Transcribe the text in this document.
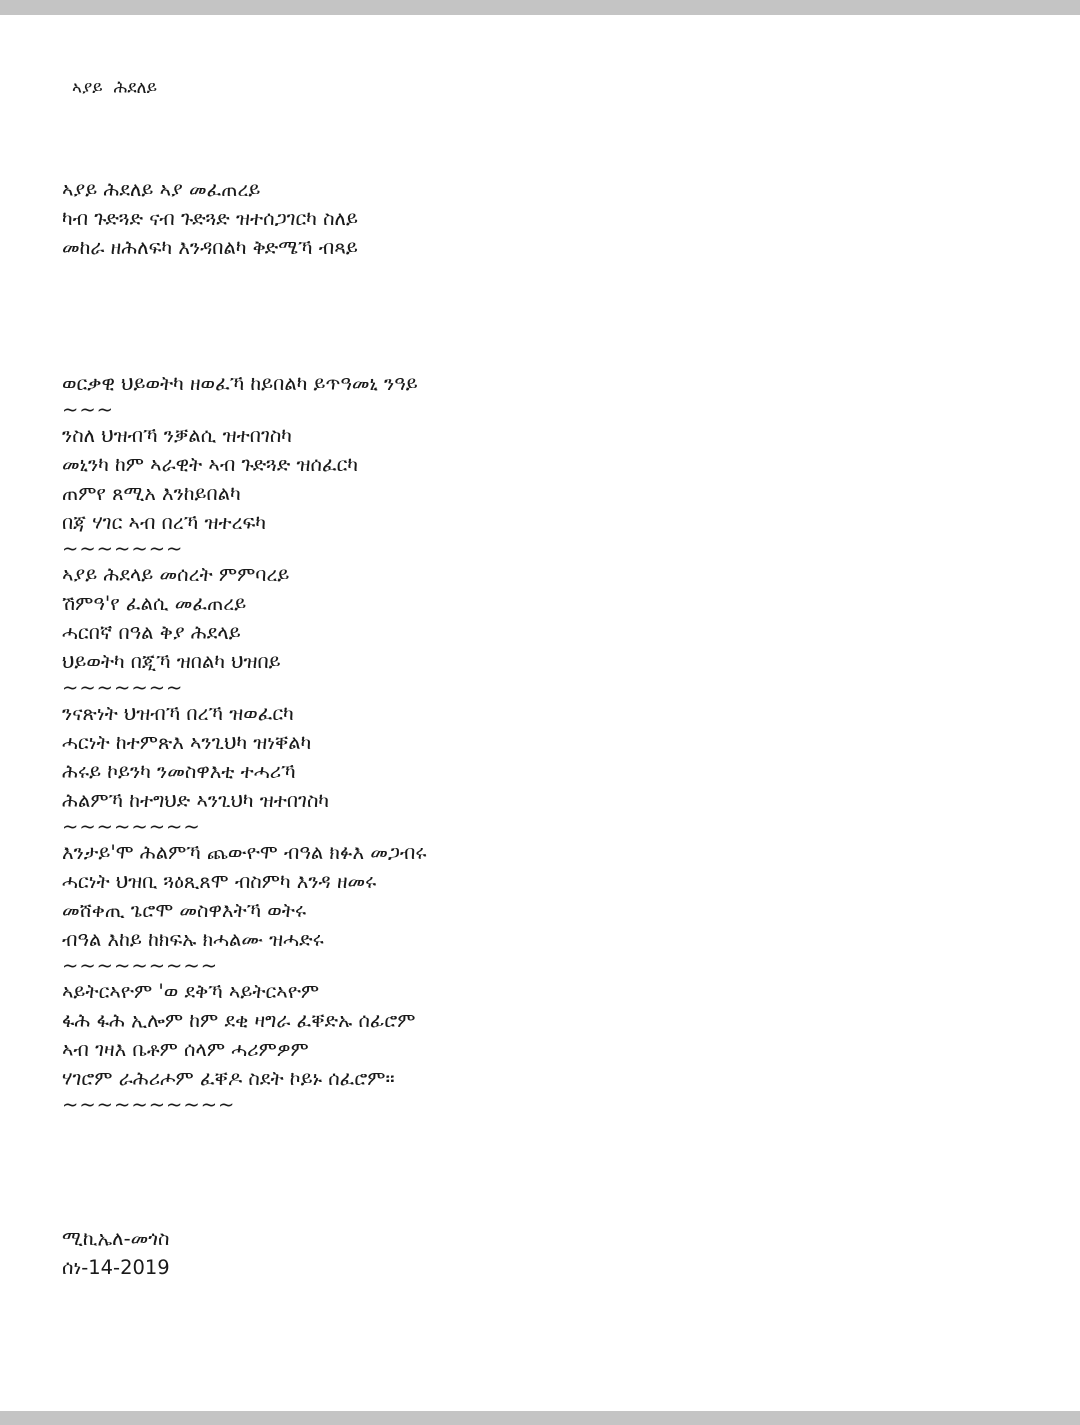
ኣያይ  ሕደለይ
ኣያይ ሕደለይ ኣያ መፈጠረይ
ካብ ጉድጓድ ናብ ጉድጓድ ዝተሰጋገርካ ስለይ
መከራ ዘሕለፍካ እንዳበልካ ቅድሜኻ ብጻይ
ወርቃዊ ህይወትካ ዘወፈኻ ከይበልካ ይጥዓመኒ ንዓይ
~~~
ንስለ ህዝብኻ ንቓልሲ ዝተበገስካ
መኒንካ ከም ኣራዊት ኣብ ጉድጓድ ዝሰፈርካ
ጠምየ ጸሚአ እንከይበልካ
በጃ ሃገር ኣብ በረኻ ዝተረፍካ
~~~~~~~
ኣያይ ሕደላይ መሰረት ምምባረይ
ሽምዓ'የ ፈልሲ መፈጠረይ
ሓርበኛ በዓል ቅያ ሕደላይ
ህይወትካ በጂኻ ዝበልካ ህዝበይ
~~~~~~~
ንናጽነት ህዝብኻ በረኻ ዝወፈርካ
ሓርነት ከተምጽእ ኣንጊህካ ዝነቐልካ
ሕሩይ ኮይንካ ንመስዋእቲ ተሓሪኻ
ሕልምኻ ከተግህድ ኣንጊህካ ዝተበገስካ
~~~~~~~~
እንታይ'ሞ ሕልምኻ ጨውዮሞ ብዓል ክፉእ መጋብሩ
ሓርነት ህዝቢ ጓዕጺጸሞ ብስምካ እንዳ ዘመሩ
መሸቀጢ ጌሮሞ መስዋእትኻ ወትሩ
ብዓል እከይ ከክፍኡ ክሓልሙ ዝሓድሩ
~~~~~~~~~
ኣይትርኣዮም 'ወ ደቅኻ ኣይትርኣዮም
ፋሕ ፋሕ ኢሎም ከም ደቂ ዛግራ ፈቐድኡ ሰፊሮም
ኣብ ገዛእ ቤቶም ሰላም ሓሪምዎም
ሃገሮም ራሕሪሖም ፈቐዶ ስደት ኮይኑ ሰፈሮም።
~~~~~~~~~~
ሚኪኤለ-መጎስ
ሰነ-14-2019
